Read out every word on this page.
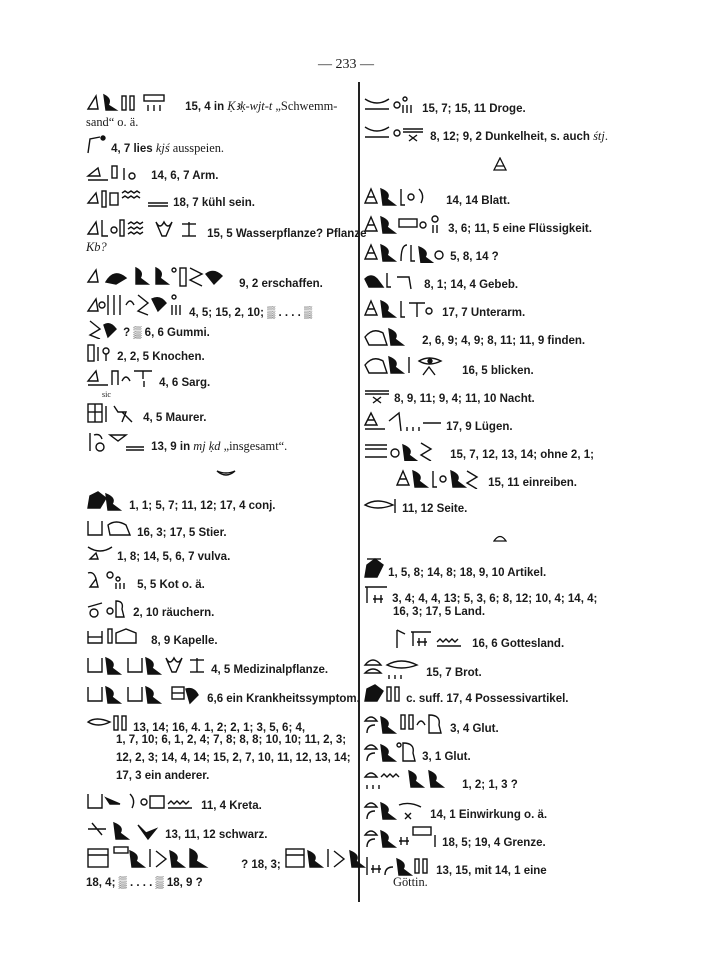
— 233 —
15, 4 in Ḳꜣḳ-wjt-t „Schwemm-
sand“ o. ä.
4, 7 lies kjś ausspeien.
14, 6, 7 Arm.
18, 7 kühl sein.
15, 5 Wasserpflanze? Pflanze
Kb?
9, 2 erschaffen.
4, 5; 15, 2, 10; ▒ . . . . ▒
? ▒ 6, 6 Gummi.
2, 2, 5 Knochen.
4, 6 Sarg.
sic
4, 5 Maurer.
13, 9 in mj ḳd „insgesamt“.
1, 1; 5, 7; 11, 12; 17, 4 conj.
16, 3; 17, 5 Stier.
1, 8; 14, 5, 6, 7 vulva.
5, 5 Kot o. ä.
2, 10 räuchern.
8, 9 Kapelle.
4, 5 Medizinalpflanze.
6,6 ein Krankheitssymptom.
13, 14; 16, 4. 1, 2; 2, 1; 3, 5, 6; 4,
1, 7, 10; 6, 1, 2, 4; 7, 8; 8, 8; 10, 10; 11, 2, 3;
12, 2, 3; 14, 4, 14; 15, 2, 7, 10, 11, 12, 13, 14;
17, 3 ein anderer.
11, 4 Kreta.
13, 11, 12 schwarz.
? 18, 3;
18, 4; ▒ . . . . ▒ 18, 9 ?
15, 7; 15, 11 Droge.
8, 12; 9, 2 Dunkelheit, s. auch śtj.
14, 14 Blatt.
3, 6; 11, 5 eine Flüssigkeit.
5, 8, 14 ?
8, 1; 14, 4 Gebeb.
17, 7 Unterarm.
2, 6, 9; 4, 9; 8, 11; 11, 9 finden.
16, 5 blicken.
8, 9, 11; 9, 4; 11, 10 Nacht.
17, 9 Lügen.
15, 7, 12, 13, 14; ohne 2, 1;
15, 11 einreiben.
11, 12 Seite.
1, 5, 8; 14, 8; 18, 9, 10 Artikel.
3, 4; 4, 4, 13; 5, 3, 6; 8, 12; 10, 4; 14, 4;
16, 3; 17, 5 Land.
16, 6 Gottesland.
15, 7 Brot.
c. suff. 17, 4 Possessivartikel.
3, 4 Glut.
3, 1 Glut.
1, 2; 1, 3 ?
14, 1 Einwirkung o. ä.
18, 5; 19, 4 Grenze.
13, 15, mit 14, 1 eine
Göttin.
